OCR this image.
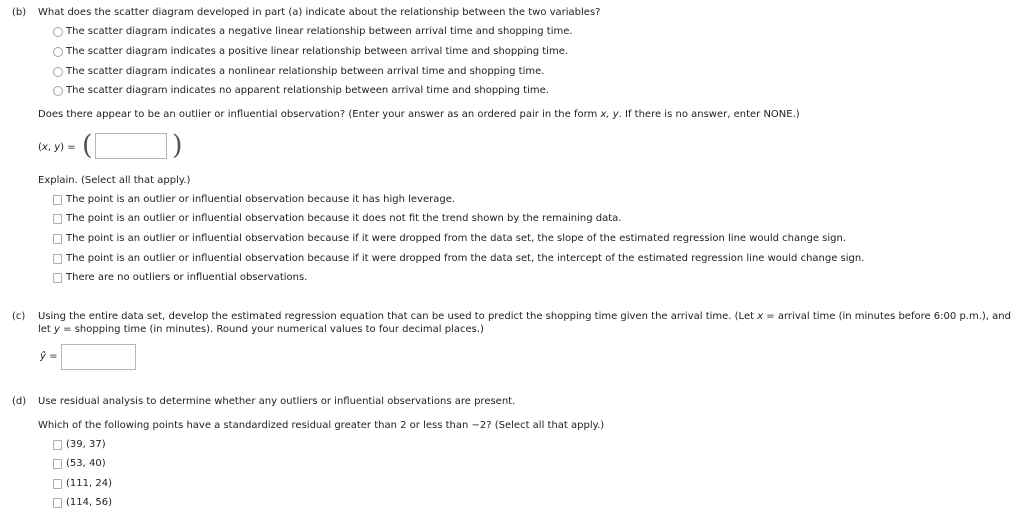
(b) What does the scatter diagram developed in part (a) indicate about the relationship between the two variables?
The scatter diagram indicates a negative linear relationship between arrival time and shopping time.
The scatter diagram indicates a positive linear relationship between arrival time and shopping time.
The scatter diagram indicates a nonlinear relationship between arrival time and shopping time.
The scatter diagram indicates no apparent relationship between arrival time and shopping time.
Does there appear to be an outlier or influential observation? (Enter your answer as an ordered pair in the form x, y. If there is no answer, enter NONE.)
(x, y) = (	)
Explain. (Select all that apply.)
The point is an outlier or influential observation because it has high leverage.
The point is an outlier or influential observation because it does not fit the trend shown by the remaining data.
The point is an outlier or influential observation because if it were dropped from the data set, the slope of the estimated regression line would change sign.
The point is an outlier or influential observation because if it were dropped from the data set, the intercept of the estimated regression line would change sign.
There are no outliers or influential observations.
(c) Using the entire data set, develop the estimated regression equation that can be used to predict the shopping time given the arrival time. (Let x = arrival time (in minutes before 6:00 p.m.), and
let y = shopping time (in minutes). Round your numerical values to four decimal places.)
ŷ =
(d) Use residual analysis to determine whether any outliers or influential observations are present.
Which of the following points have a standardized residual greater than 2 or less than −2? (Select all that apply.)
(39, 37)
(53, 40)
(111, 24)
(114, 56)
